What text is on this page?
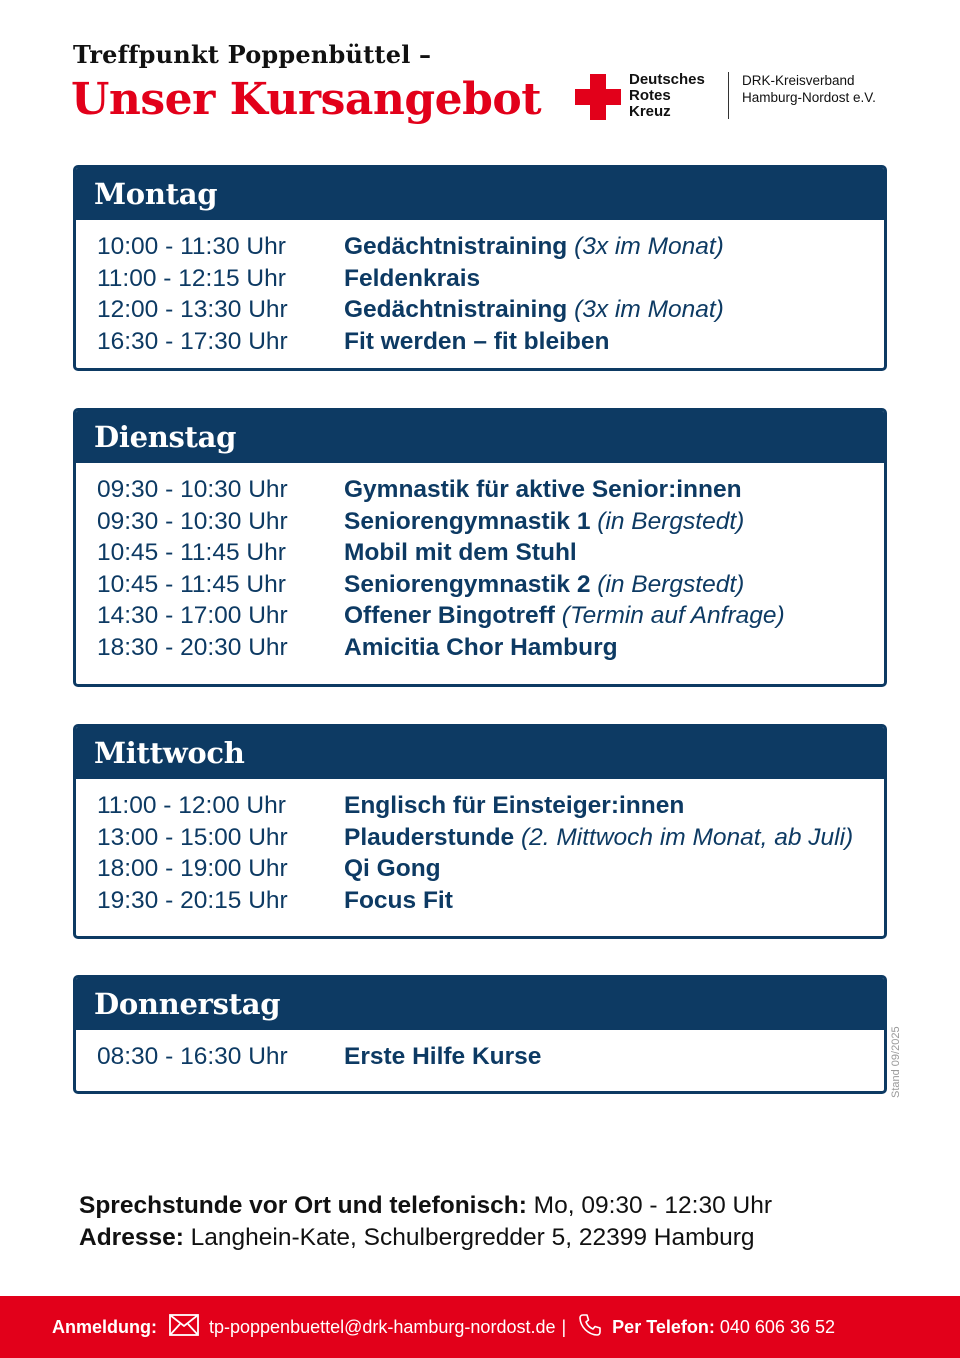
Treffpunkt Poppenbüttel –
Unser Kursangebot	Deutsches
Rotes
Kreuz
DRK-Kreisverband
Hamburg-Nordost e.V.
Montag
10:00 - 11:30 Uhr	Gedächtnistraining (3x im Monat)
11:00 - 12:15 Uhr	Feldenkrais
12:00 - 13:30 Uhr	Gedächtnistraining (3x im Monat)
16:30 - 17:30 Uhr	Fit werden – fit bleiben
Dienstag
09:30 - 10:30 Uhr	Gymnastik für aktive Senior:innen
09:30 - 10:30 Uhr	Seniorengymnastik 1 (in Bergstedt)
10:45 - 11:45 Uhr	Mobil mit dem Stuhl
10:45 - 11:45 Uhr	Seniorengymnastik 2 (in Bergstedt)
14:30 - 17:00 Uhr	Offener Bingotreff (Termin auf Anfrage)
18:30 - 20:30 Uhr	Amicitia Chor Hamburg
Mittwoch
11:00 - 12:00 Uhr	Englisch für Einsteiger:innen
13:00 - 15:00 Uhr	Plauderstunde (2. Mittwoch im Monat, ab Juli)
18:00 - 19:00 Uhr	Qi Gong
19:30 - 20:15 Uhr	Focus Fit
Donnerstag
08:30 - 16:30 Uhr	Erste Hilfe Kurse	Stand 09/2025
Sprechstunde vor Ort und telefonisch: Mo, 09:30 - 12:30 Uhr
Adresse: Langhein-Kate, Schulbergredder 5, 22399 Hamburg
Anmeldung:	tp-poppenbuettel@drk-hamburg-nordost.de |	Per Telefon:
040 606 36 52
